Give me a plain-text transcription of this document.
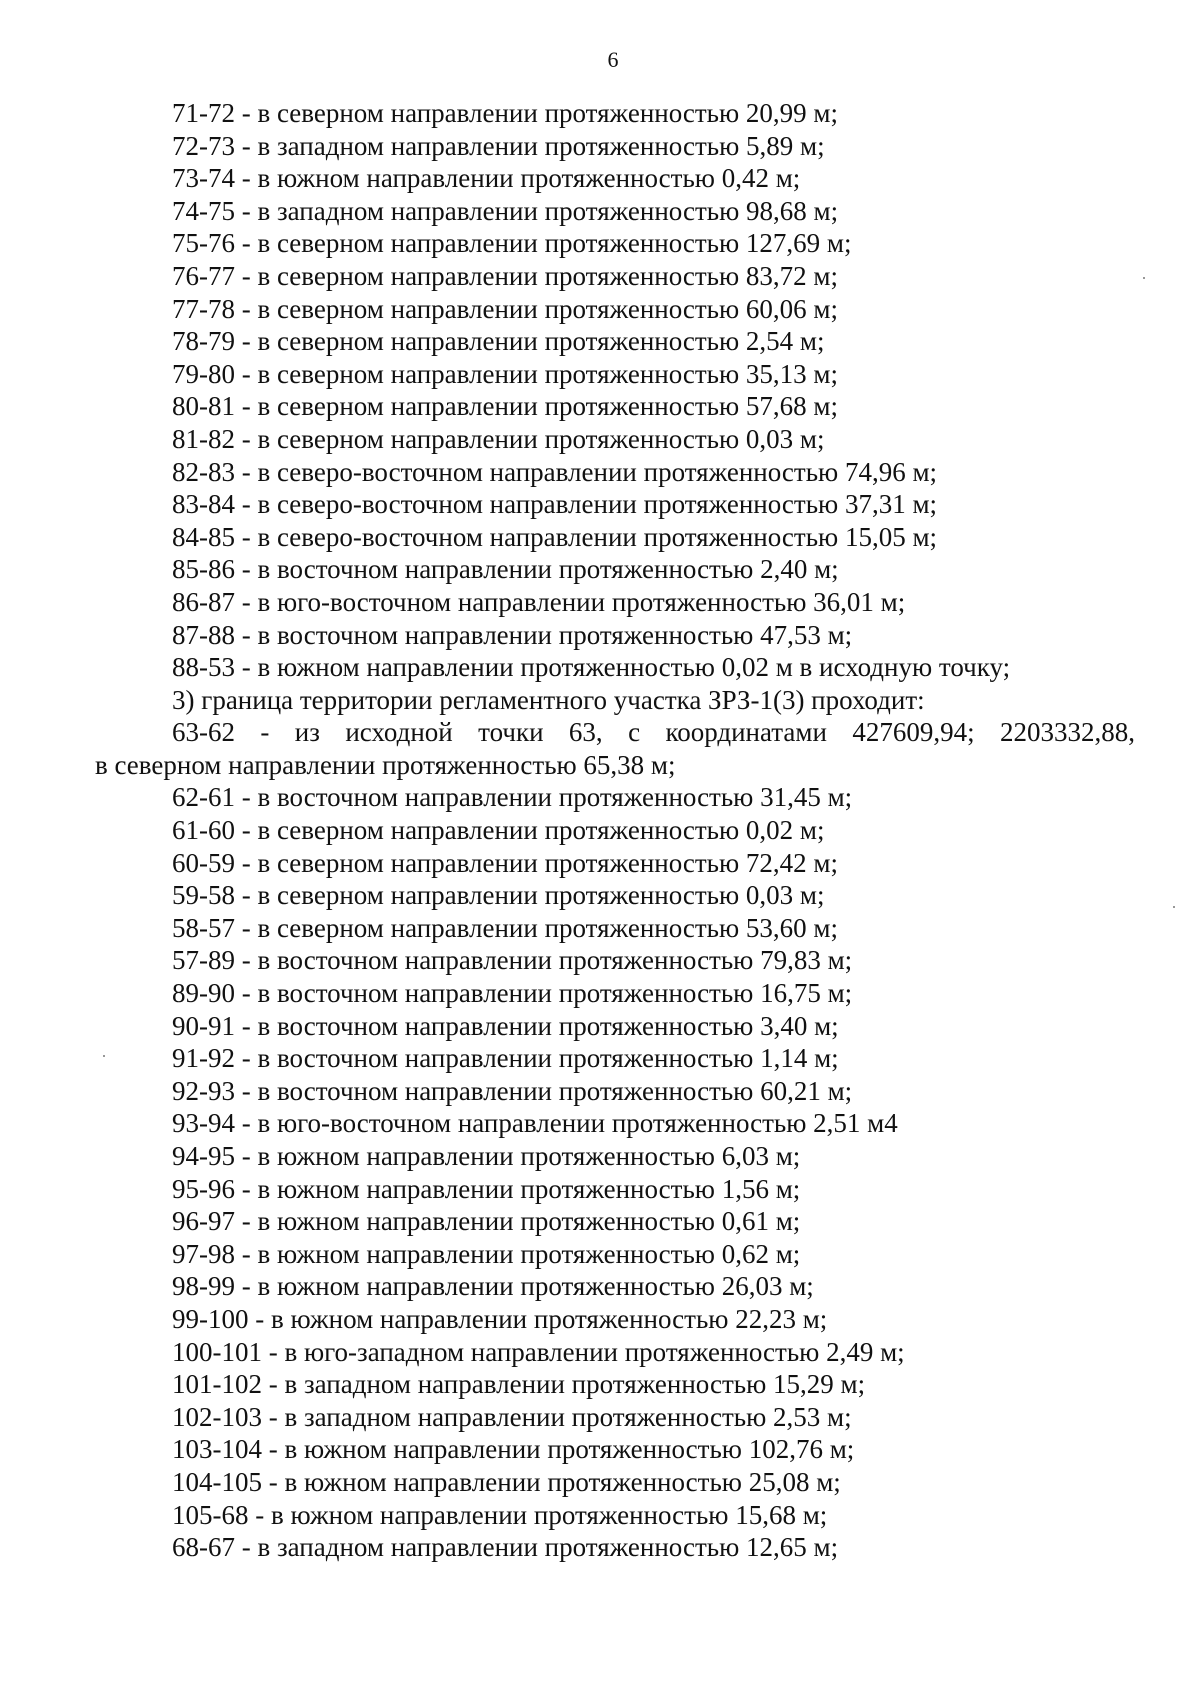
6
71-72 - в северном направлении протяженностью 20,99 м;
72-73 - в западном направлении протяженностью 5,89 м;
73-74 - в южном направлении протяженностью 0,42 м;
74-75 - в западном направлении протяженностью 98,68 м;
75-76 - в северном направлении протяженностью 127,69 м;
76-77 - в северном направлении протяженностью 83,72 м;
77-78 - в северном направлении протяженностью 60,06 м;
78-79 - в северном направлении протяженностью 2,54 м;
79-80 - в северном направлении протяженностью 35,13 м;
80-81 - в северном направлении протяженностью 57,68 м;
81-82 - в северном направлении протяженностью 0,03 м;
82-83 - в северо-восточном направлении протяженностью 74,96 м;
83-84 - в северо-восточном направлении протяженностью 37,31 м;
84-85 - в северо-восточном направлении протяженностью 15,05 м;
85-86 - в восточном направлении протяженностью 2,40 м;
86-87 - в юго-восточном направлении протяженностью 36,01 м;
87-88 - в восточном направлении протяженностью 47,53 м;
88-53 - в южном направлении протяженностью 0,02 м в исходную точку;
3) граница территории регламентного участка ЗРЗ-1(3) проходит:
63-62 - из исходной точки 63, с координатами 427609,94; 2203332,88,
в северном направлении протяженностью 65,38 м;
62-61 - в восточном направлении протяженностью 31,45 м;
61-60 - в северном направлении протяженностью 0,02 м;
60-59 - в северном направлении протяженностью 72,42 м;
59-58 - в северном направлении протяженностью 0,03 м;
58-57 - в северном направлении протяженностью 53,60 м;
57-89 - в восточном направлении протяженностью 79,83 м;
89-90 - в восточном направлении протяженностью 16,75 м;
90-91 - в восточном направлении протяженностью 3,40 м;
91-92 - в восточном направлении протяженностью 1,14 м;
92-93 - в восточном направлении протяженностью 60,21 м;
93-94 - в юго-восточном направлении протяженностью 2,51 м4
94-95 - в южном направлении протяженностью 6,03 м;
95-96 - в южном направлении протяженностью 1,56 м;
96-97 - в южном направлении протяженностью 0,61 м;
97-98 - в южном направлении протяженностью 0,62 м;
98-99 - в южном направлении протяженностью 26,03 м;
99-100 - в южном направлении протяженностью 22,23 м;
100-101 - в юго-западном направлении протяженностью 2,49 м;
101-102 - в западном направлении протяженностью 15,29 м;
102-103 - в западном направлении протяженностью 2,53 м;
103-104 - в южном направлении протяженностью 102,76 м;
104-105 - в южном направлении протяженностью 25,08 м;
105-68 - в южном направлении протяженностью 15,68 м;
68-67 - в западном направлении протяженностью 12,65 м;
